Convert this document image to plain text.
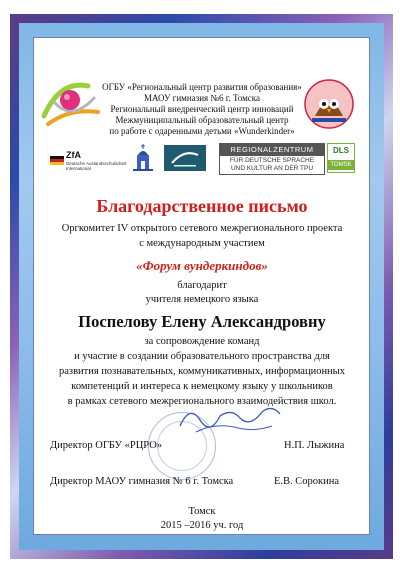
ОГБУ «Региональный центр развития образования»
МАОУ гимназия №6 г. Томска
Региональный внедренческий центр инноваций
Межмуниципальный образовательный центр
по работе с одаренными детьми «Wunderkinder»
ZfA
Deutsche Auslandsschularbeit
International
REGIONALZENTRUM
FÜR DEUTSCHE SPRACHE
UND KULTUR AN DER TPU
DLS
TOMSK
Благодарственное письмо
Оргкомитет IV открытого сетевого межрегионального проекта
с международным участием
«Форум вундеркиндов»
благодарит
учителя немецкого языка
Поспелову Елену Александровну
за сопровождение команд
и участие в создании образовательного пространства для
развития познавательных, коммуникативных, информационных
компетенций и интереса к немецкому языку у школьников
в рамках сетевого межрегионального взаимодействия школ.
Директор ОГБУ «РЦРО»	Н.П. Лыжина
Директор МАОУ гимназия № 6 г. Томска	Е.В. Сорокина
Томск
2015 –2016 уч. год
